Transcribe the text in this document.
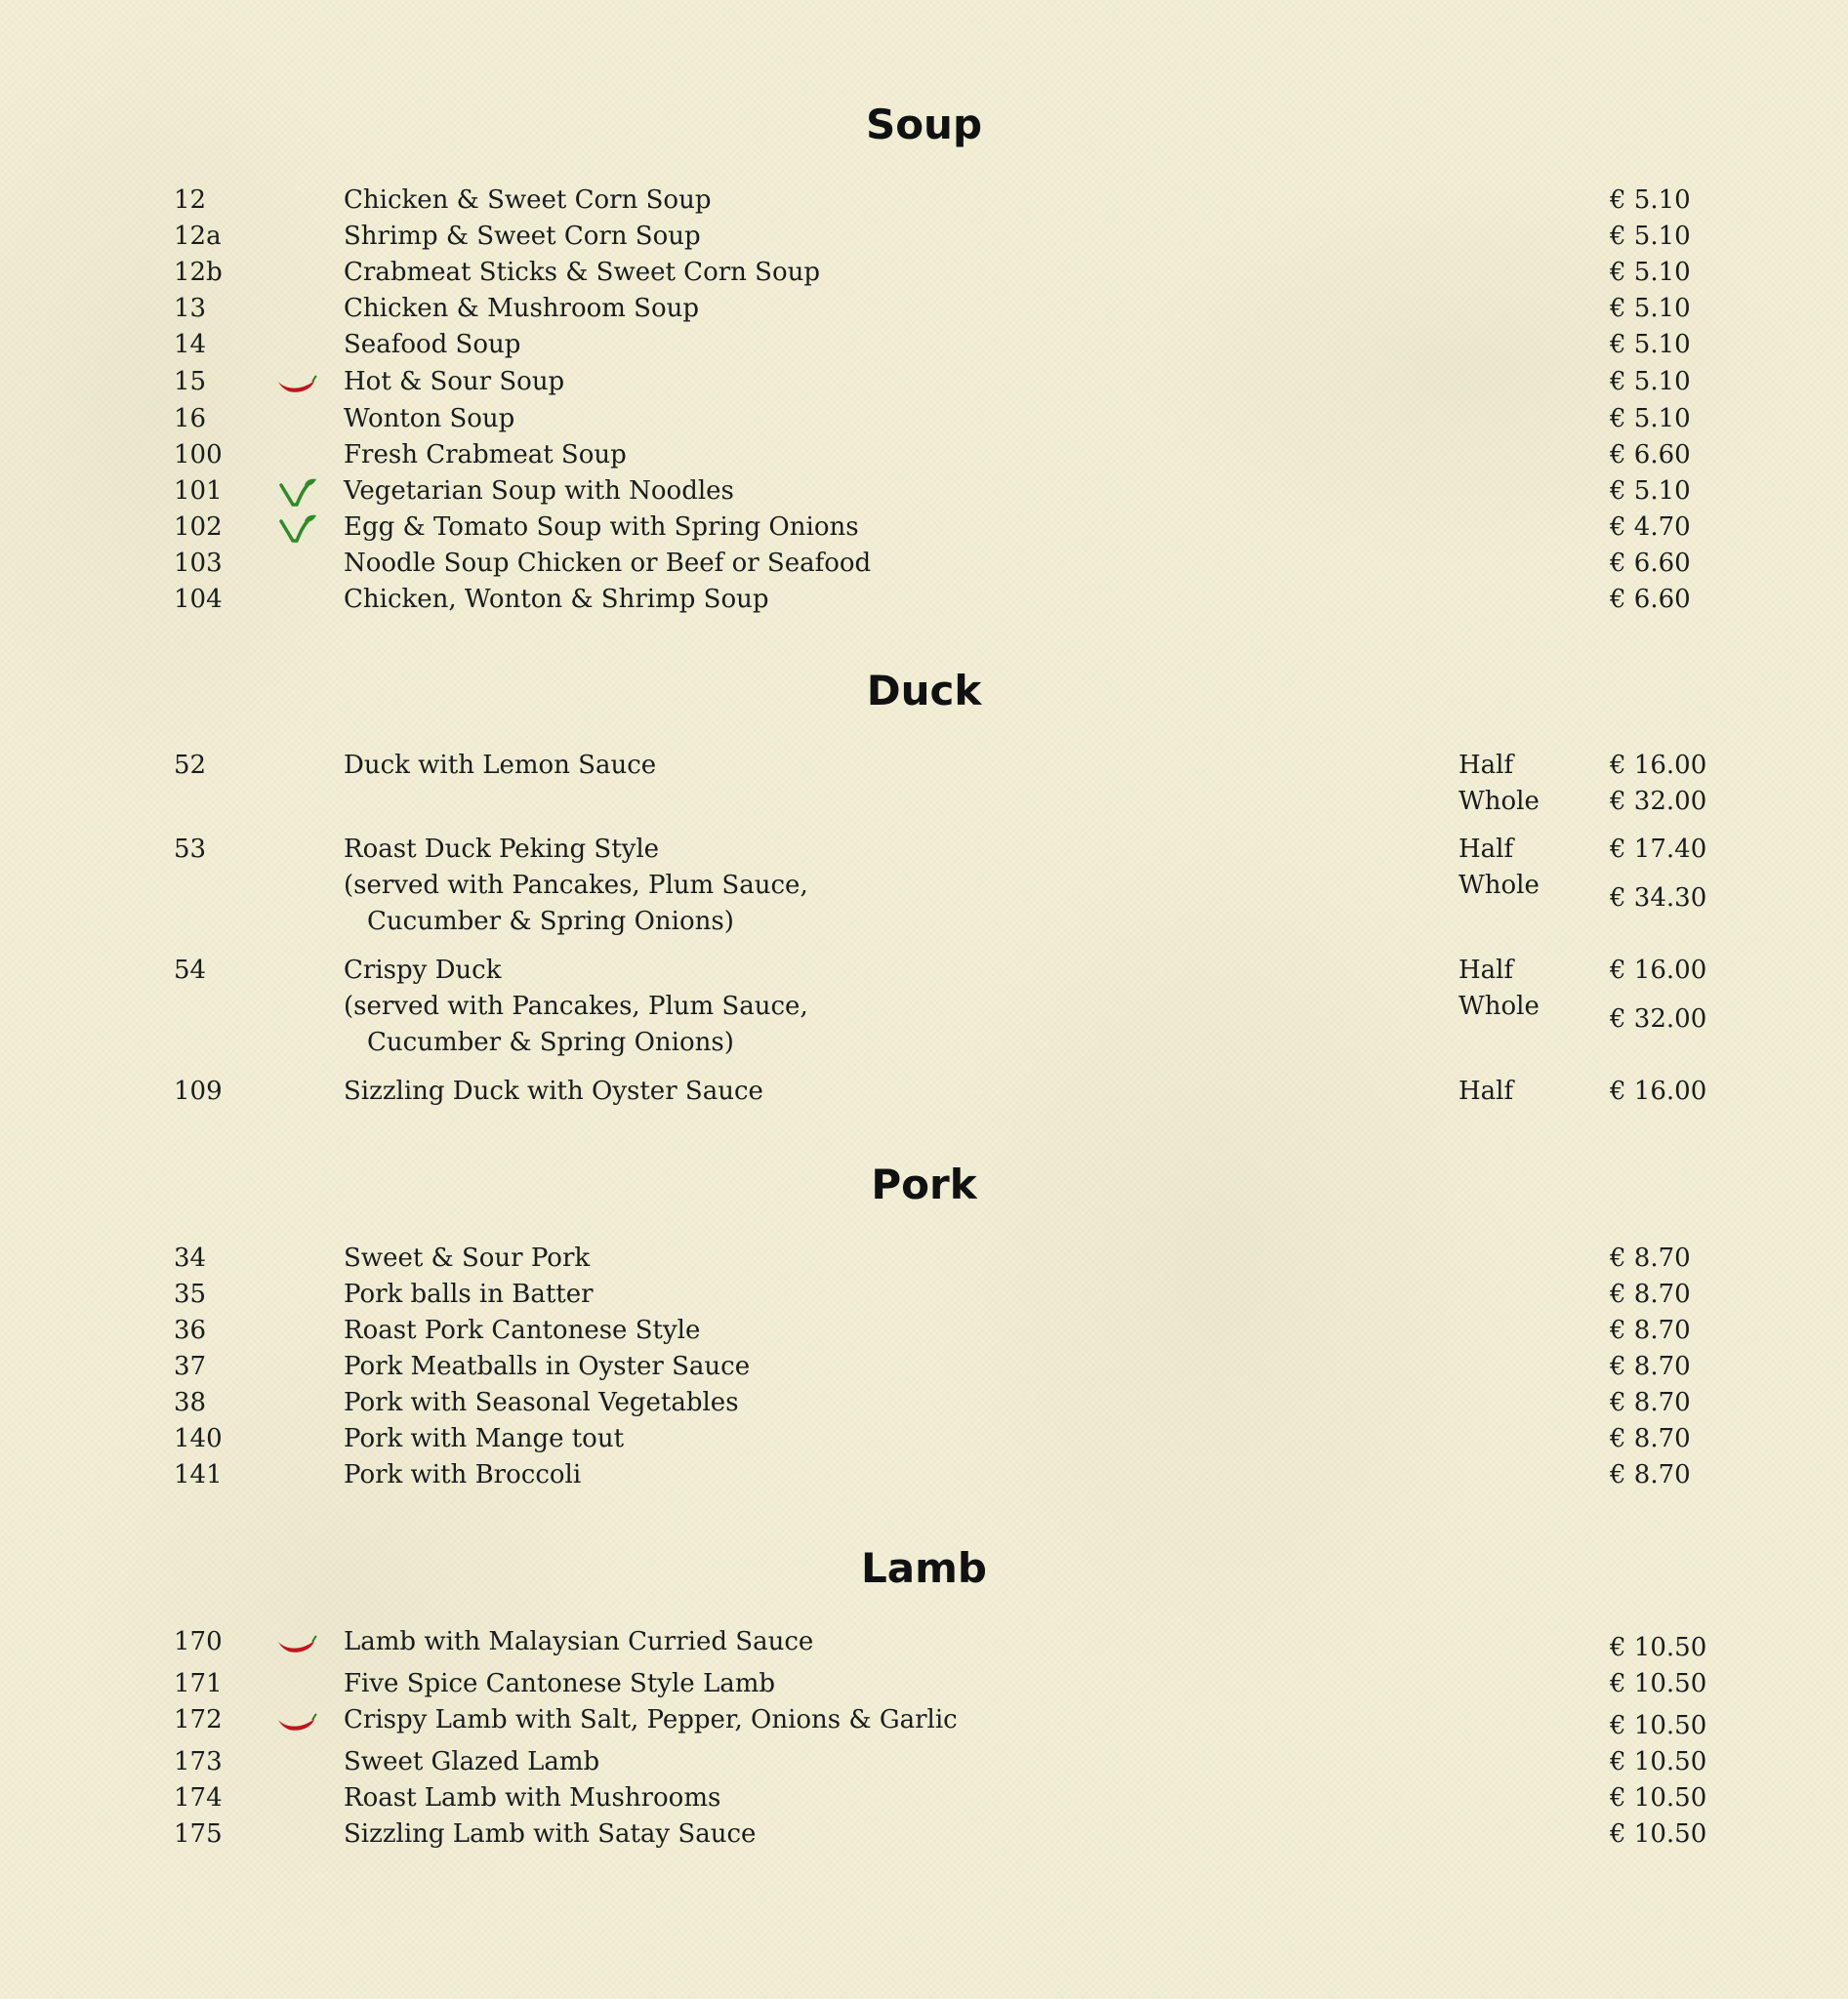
Soup
12	Chicken & Sweet Corn Soup	€ 5.10
12a	Shrimp & Sweet Corn Soup	€ 5.10
12b	Crabmeat Sticks & Sweet Corn Soup	€ 5.10
13	Chicken & Mushroom Soup	€ 5.10
14	Seafood Soup	€ 5.10
15	Hot & Sour Soup	€ 5.10
16	Wonton Soup	€ 5.10
100	Fresh Crabmeat Soup	€ 6.60
101	Vegetarian Soup with Noodles	€ 5.10
102	Egg & Tomato Soup with Spring Onions	€ 4.70
103	Noodle Soup Chicken or Beef or Seafood	€ 6.60
104	Chicken, Wonton & Shrimp Soup	€ 6.60
Duck
52	Duck with Lemon Sauce	Half	€ 16.00
Whole	€ 32.00
53	Roast Duck Peking Style
(served with Pancakes, Plum Sauce,
Cucumber & Spring Onions)
Half	€ 17.40
Whole	€ 34.30
54	Crispy Duck
(served with Pancakes, Plum Sauce,
Cucumber & Spring Onions)
Half	€ 16.00
Whole	€ 32.00
109	Sizzling Duck with Oyster Sauce	Half	€ 16.00
Pork
34	Sweet & Sour Pork	€ 8.70
35	Pork balls in Batter	€ 8.70
36	Roast Pork Cantonese Style	€ 8.70
37	Pork Meatballs in Oyster Sauce	€ 8.70
38	Pork with Seasonal Vegetables	€ 8.70
140	Pork with Mange tout	€ 8.70
141	Pork with Broccoli	€ 8.70
Lamb
170	Lamb with Malaysian Curried Sauce	€ 10.50
171	Five Spice Cantonese Style Lamb	€ 10.50
172	Crispy Lamb with Salt, Pepper, Onions & Garlic	€ 10.50
173	Sweet Glazed Lamb	€ 10.50
174	Roast Lamb with Mushrooms	€ 10.50
175	Sizzling Lamb with Satay Sauce	€ 10.50
